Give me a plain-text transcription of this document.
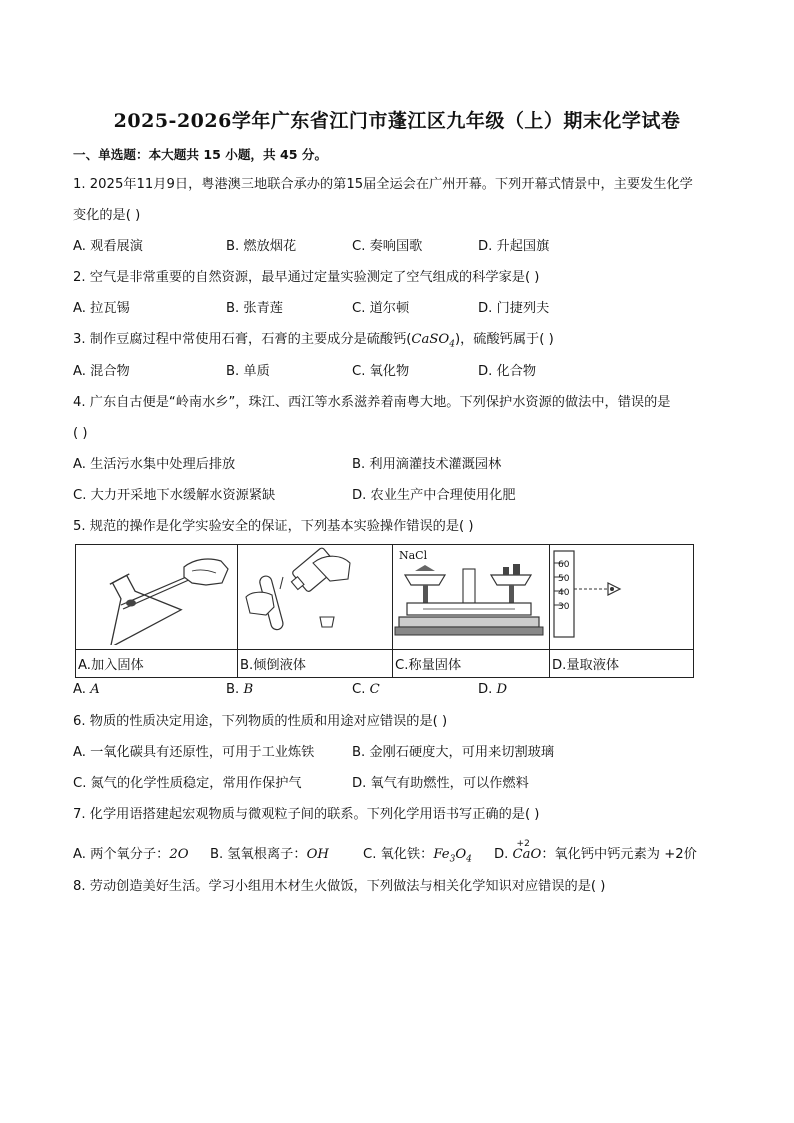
2025-2026学年广东省江门市蓬江区九年级（上）期末化学试卷
一、单选题：本大题共 15 小题，共 45 分。
1. 2025年11月9日，粤港澳三地联合承办的第15届全运会在广州开幕。下列开幕式情景中，主要发生化学
变化的是( )
A. 观看展演	B. 燃放烟花	C. 奏响国歌	D. 升起国旗
2. 空气是非常重要的自然资源，最早通过定量实验测定了空气组成的科学家是( )
A. 拉瓦锡	B. 张青莲	C. 道尔顿	D. 门捷列夫
3. 制作豆腐过程中常使用石膏，石膏的主要成分是硫酸钙(CaSO$_4$)，硫酸钙属于( )
A. 混合物	B. 单质	C. 氧化物	D. 化合物
4. 广东自古便是“岭南水乡”，珠江、西江等水系滋养着南粤大地。下列保护水资源的做法中，错误的是
( )
A. 生活污水集中处理后排放	B. 利用滴灌技术灌溉园林
C. 大力开采地下水缓解水资源紧缺	D. 农业生产中合理使用化肥
5. 规范的操作是化学实验安全的保证，下列基本实验操作错误的是( )

NaCl	60
50
40
30

A.加入固体	B.倾倒液体	C.称量固体	D.量取液体
A. A	B. B	C. C	D. D
6. 物质的性质决定用途，下列物质的性质和用途对应错误的是( )
A. 一氧化碳具有还原性，可用于工业炼铁	B. 金刚石硬度大，可用来切割玻璃
C. 氮气的化学性质稳定，常用作保护气	D. 氧气有助燃性，可以作燃料
7. 化学用语搭建起宏观物质与微观粒子间的联系。下列化学用语书写正确的是( )
A. 两个氧分子：2O B. 氢氧根离子：OH	C. 氧化铁：$Fe_3O_4$ D.
+2
CaO：氧化钙中钙元素为 +2价
8. 劳动创造美好生活。学习小组用木材生火做饭，下列做法与相关化学知识对应错误的是( )
